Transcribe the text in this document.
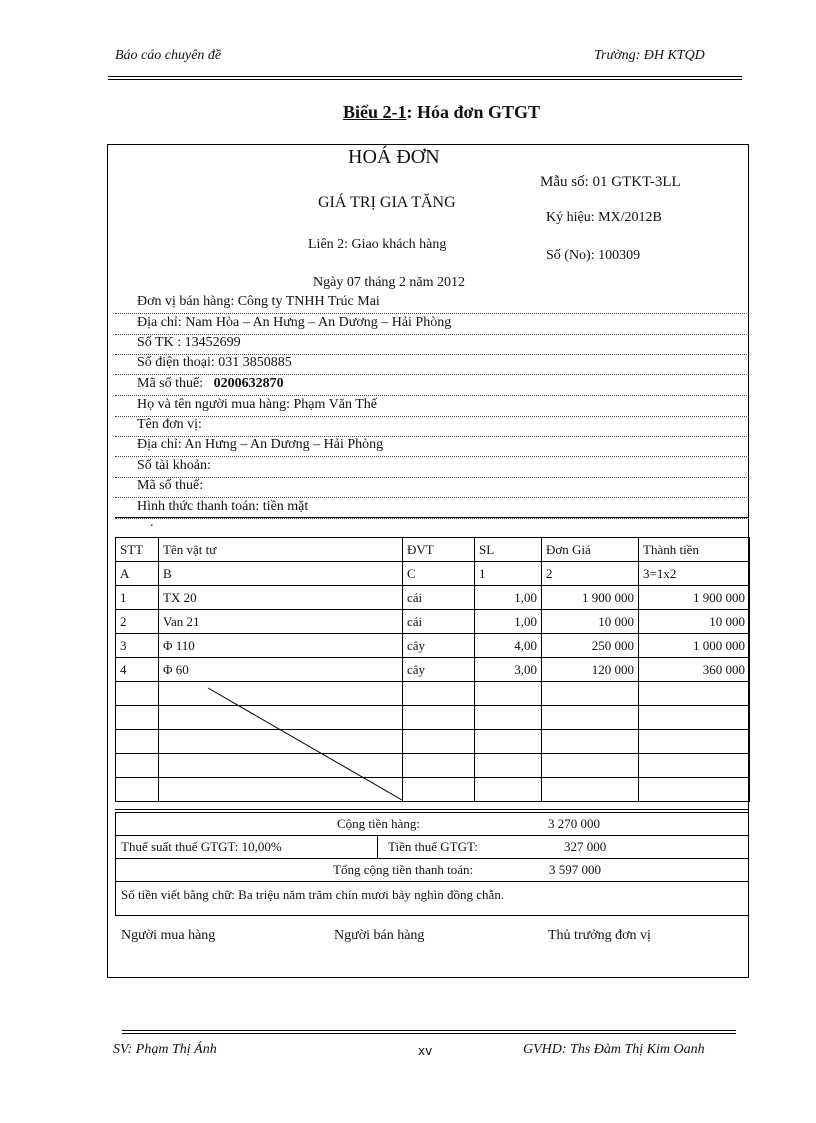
Báo cáo chuyên đề	Trường: ĐH KTQD
Biểu 2-1: Hóa đơn GTGT
HOÁ ĐƠN
GIÁ TRỊ GIA TĂNG
Liên 2: Giao khách hàng
Mẫu số: 01 GTKT-3LL
Ký hiệu: MX/2012B
Số (No): 100309
Ngày 07 tháng 2 năm 2012
Đơn vị bán hàng: Công ty TNHH Trúc Mai
Địa chỉ: Nam Hòa – An Hưng – An Dương – Hải Phòng
Số TK : 13452699
Số điện thoại: 031 3850885
Mã số thuế: 0200632870
Họ và tên người mua hàng: Phạm Văn Thế
Tên đơn vị:
Địa chỉ: An Hưng – An Dương – Hải Phòng
Số tài khoản:
Mã số thuế:
Hình thức thanh toán: tiền mặt
.
STT	Tên vật tư	ĐVT	SL	Đơn Giá	Thành tiền
A	B	C	1	2	3=1x2
1	TX 20	cái	1,00	1 900 000	1 900 000
2	Van 21	cái	1,00	10 000	10 000
3	Φ 110	cây	4,00	250 000	1 000 000
4	Φ 60	cây	3,00	120 000	360 000

Cộng tiền hàng:	3 270 000
Thuế suất thuế GTGT: 10,00%	Tiền thuế GTGT:	327 000
Tổng cộng tiền thanh toán:	3 597 000
Số tiền viết bằng chữ: Ba triệu năm trăm chín mươi bảy nghìn đồng chẵn.
Người mua hàng	Người bán hàng	Thủ trưởng đơn vị
SV: Phạm Thị Ánh	xv	GVHD: Ths Đàm Thị Kim Oanh
